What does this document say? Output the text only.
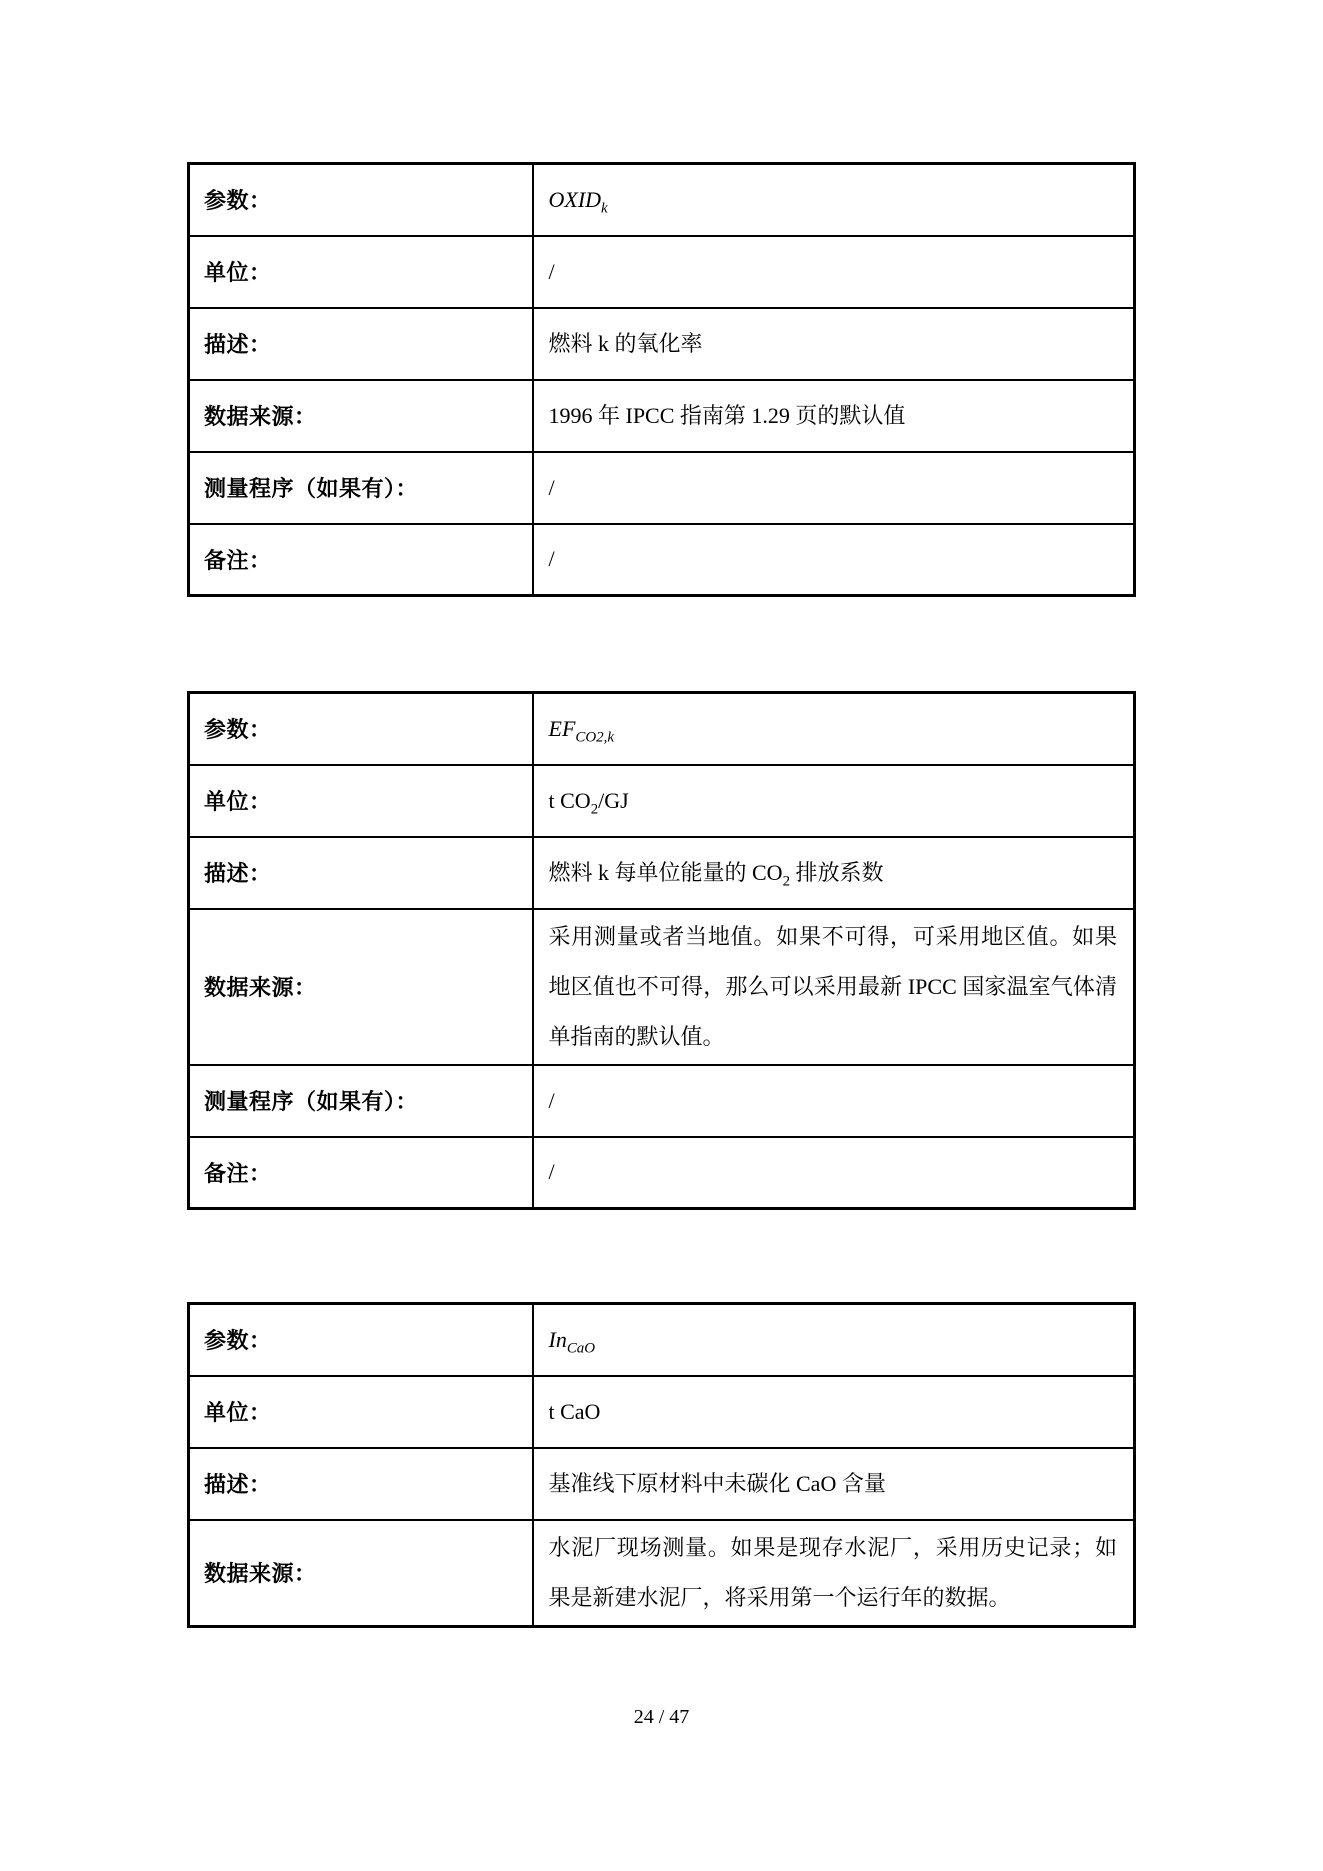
参数：	$OXID_k$
单位：	/
描述：	燃料 k 的氧化率
数据来源：	1996 年 IPCC 指南第 1.29 页的默认值
测量程序（如果有）：	/
备注：	/
参数：	$EF_{CO2,k}$
单位：	t $CO_2/GJ$
描述：	燃料 k 每单位能量的 $CO_2$ 排放系数
数据来源：	采用测量或者当地值。如果不可得，可采用地区值。如果地区值也不可得，那么可以采用最新 IPCC 国家温室气体清单指南的默认值。
测量程序（如果有）：	/
备注：	/
参数：	$In_{CaO}$
单位：	t CaO
描述：	基准线下原材料中未碳化 CaO 含量
数据来源：	水泥厂现场测量。如果是现存水泥厂，采用历史记录；如果是新建水泥厂，将采用第一个运行年的数据。
24 / 47
